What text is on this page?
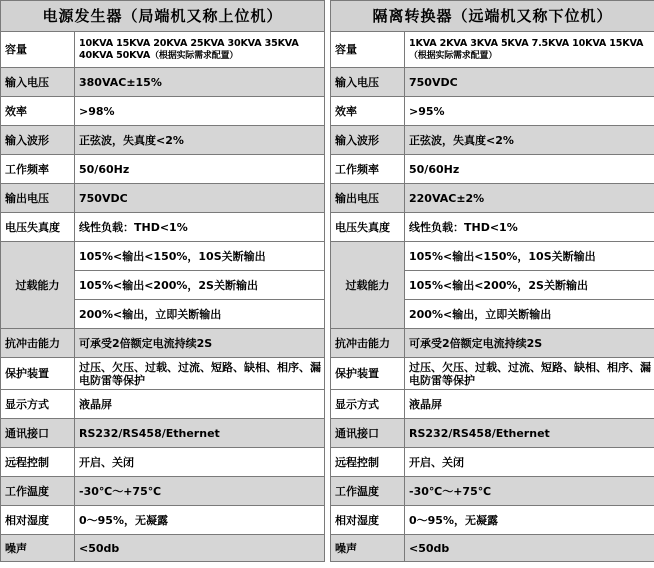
电源发生器（局端机又称上位机）	
容量	10KVA 15KVA 20KVA 25KVA 30KVA 35KVA 40KVA 50KVA（根据实际需求配置）

输入电压	380VAC±15%
效率	>98%
输入波形	正弦波，失真度<2%
工作频率	50/60Hz
输出电压	750VDC
电压失真度	线性负载：THD<1%
过载能力	105%<输出<150%，10S关断输出
	105%<输出<200%，2S关断输出
	200%<输出，立即关断输出
抗冲击能力	可承受2倍额定电流持续2S
保护装置	过压、欠压、过载、过流、短路、缺相、相序、漏电防雷等保护
显示方式	液晶屏
通讯接口	RS232/RS458/Ethernet
远程控制	开启、关闭
工作温度	-30℃～+75℃
相对湿度	0～95%，无凝露
噪声	<50db
隔离转换器（远端机又称下位机）	
容量	1KVA 2KVA 3KVA 5KVA 7.5KVA 10KVA 15KVA（根据实际需求配置）

输入电压	750VDC
效率	>95%
输入波形	正弦波，失真度<2%
工作频率	50/60Hz
输出电压	220VAC±2%
电压失真度	线性负载：THD<1%
过载能力	105%<输出<150%，10S关断输出
	105%<输出<200%，2S关断输出
	200%<输出，立即关断输出
抗冲击能力	可承受2倍额定电流持续2S
保护装置	过压、欠压、过载、过流、短路、缺相、相序、漏电防雷等保护
显示方式	液晶屏
通讯接口	RS232/RS458/Ethernet
远程控制	开启、关闭
工作温度	-30℃～+75℃
相对湿度	0～95%，无凝露
噪声	<50db
